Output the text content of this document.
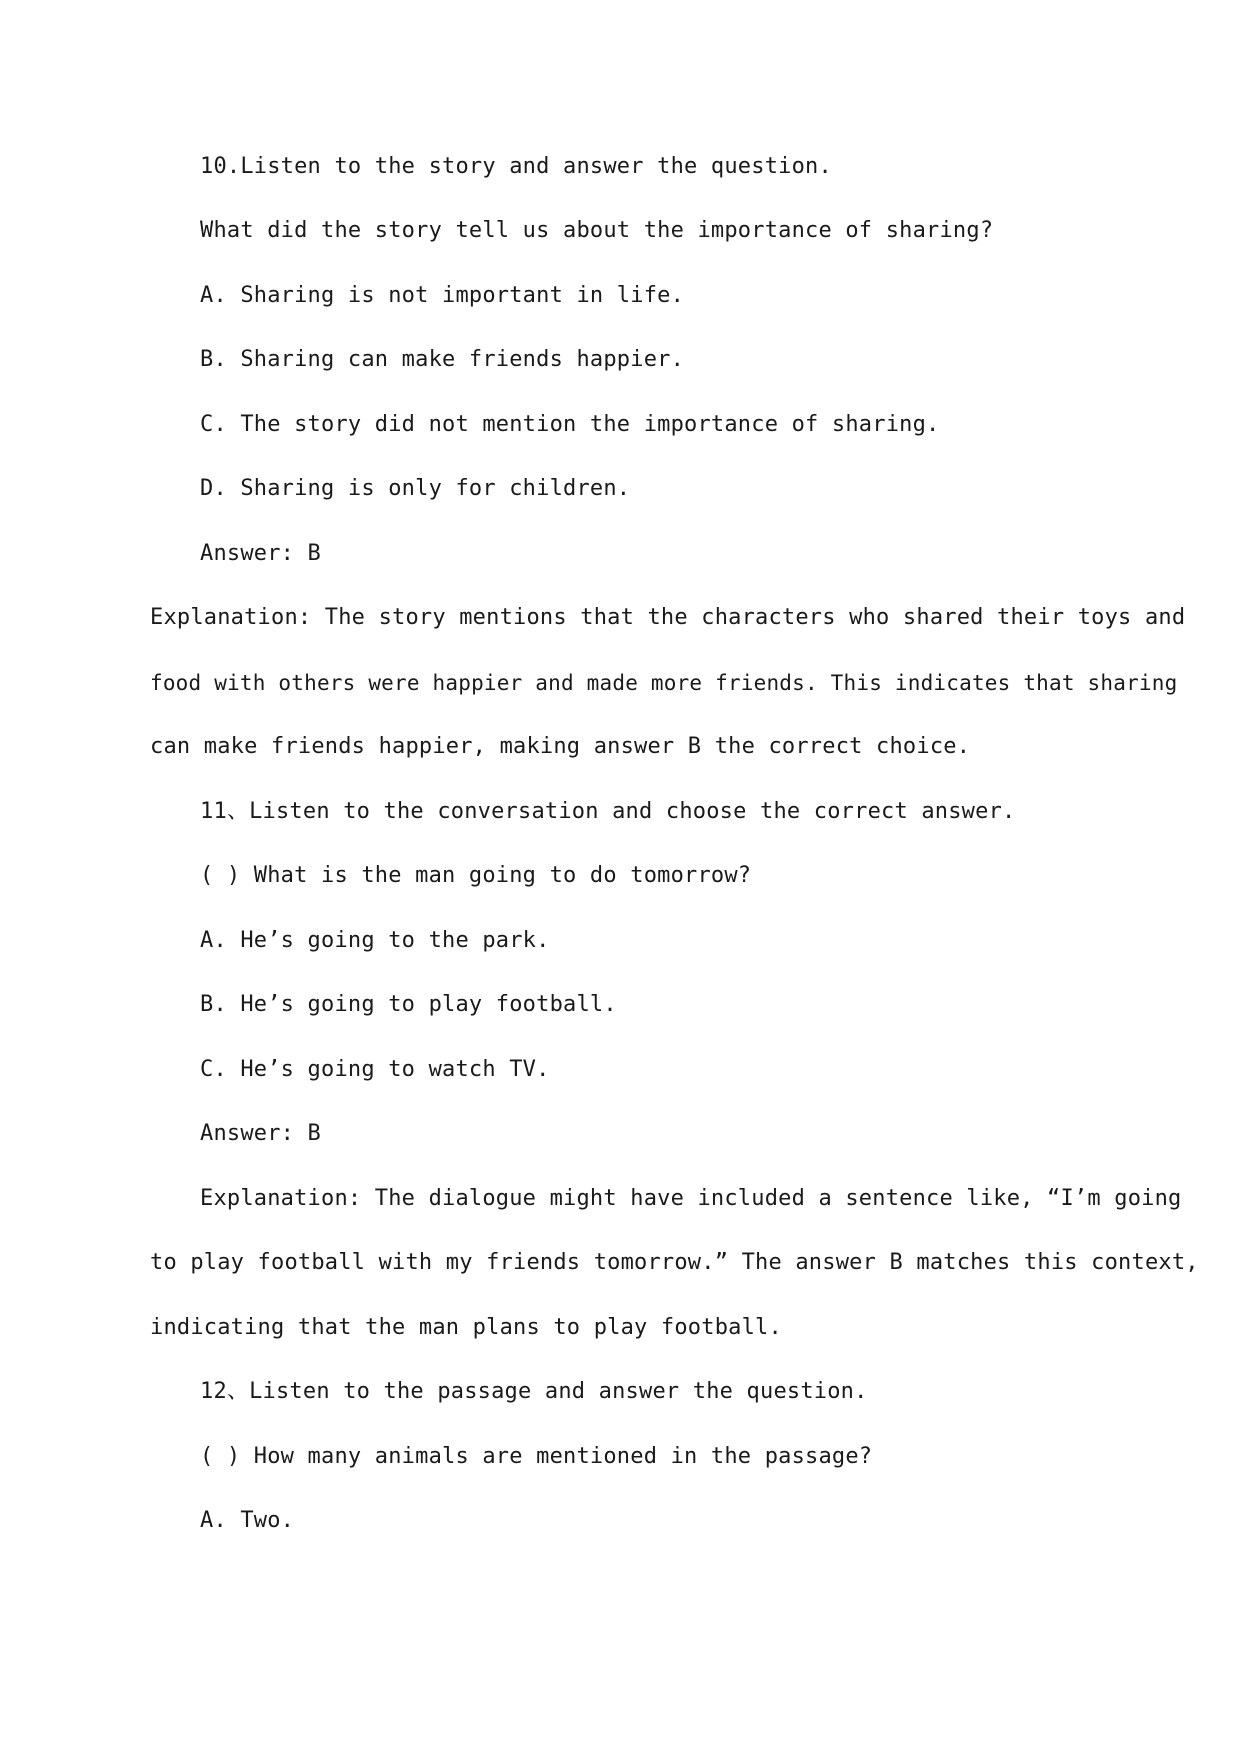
10.Listen to the story and answer the question.
What did the story tell us about the importance of sharing?
A. Sharing is not important in life.
B. Sharing can make friends happier.
C. The story did not mention the importance of sharing.
D. Sharing is only for children.
Answer: B
Explanation: The story mentions that the characters who shared their toys and
food with others were happier and made more friends. This indicates that sharing
can make friends happier, making answer B the correct choice.
11、Listen to the conversation and choose the correct answer.
( ) What is the man going to do tomorrow?
A. He’s going to the park.
B. He’s going to play football.
C. He’s going to watch TV.
Answer: B
Explanation: The dialogue might have included a sentence like, “I’m going
to play football with my friends tomorrow.” The answer B matches this context,
indicating that the man plans to play football.
12、Listen to the passage and answer the question.
( ) How many animals are mentioned in the passage?
A. Two.
